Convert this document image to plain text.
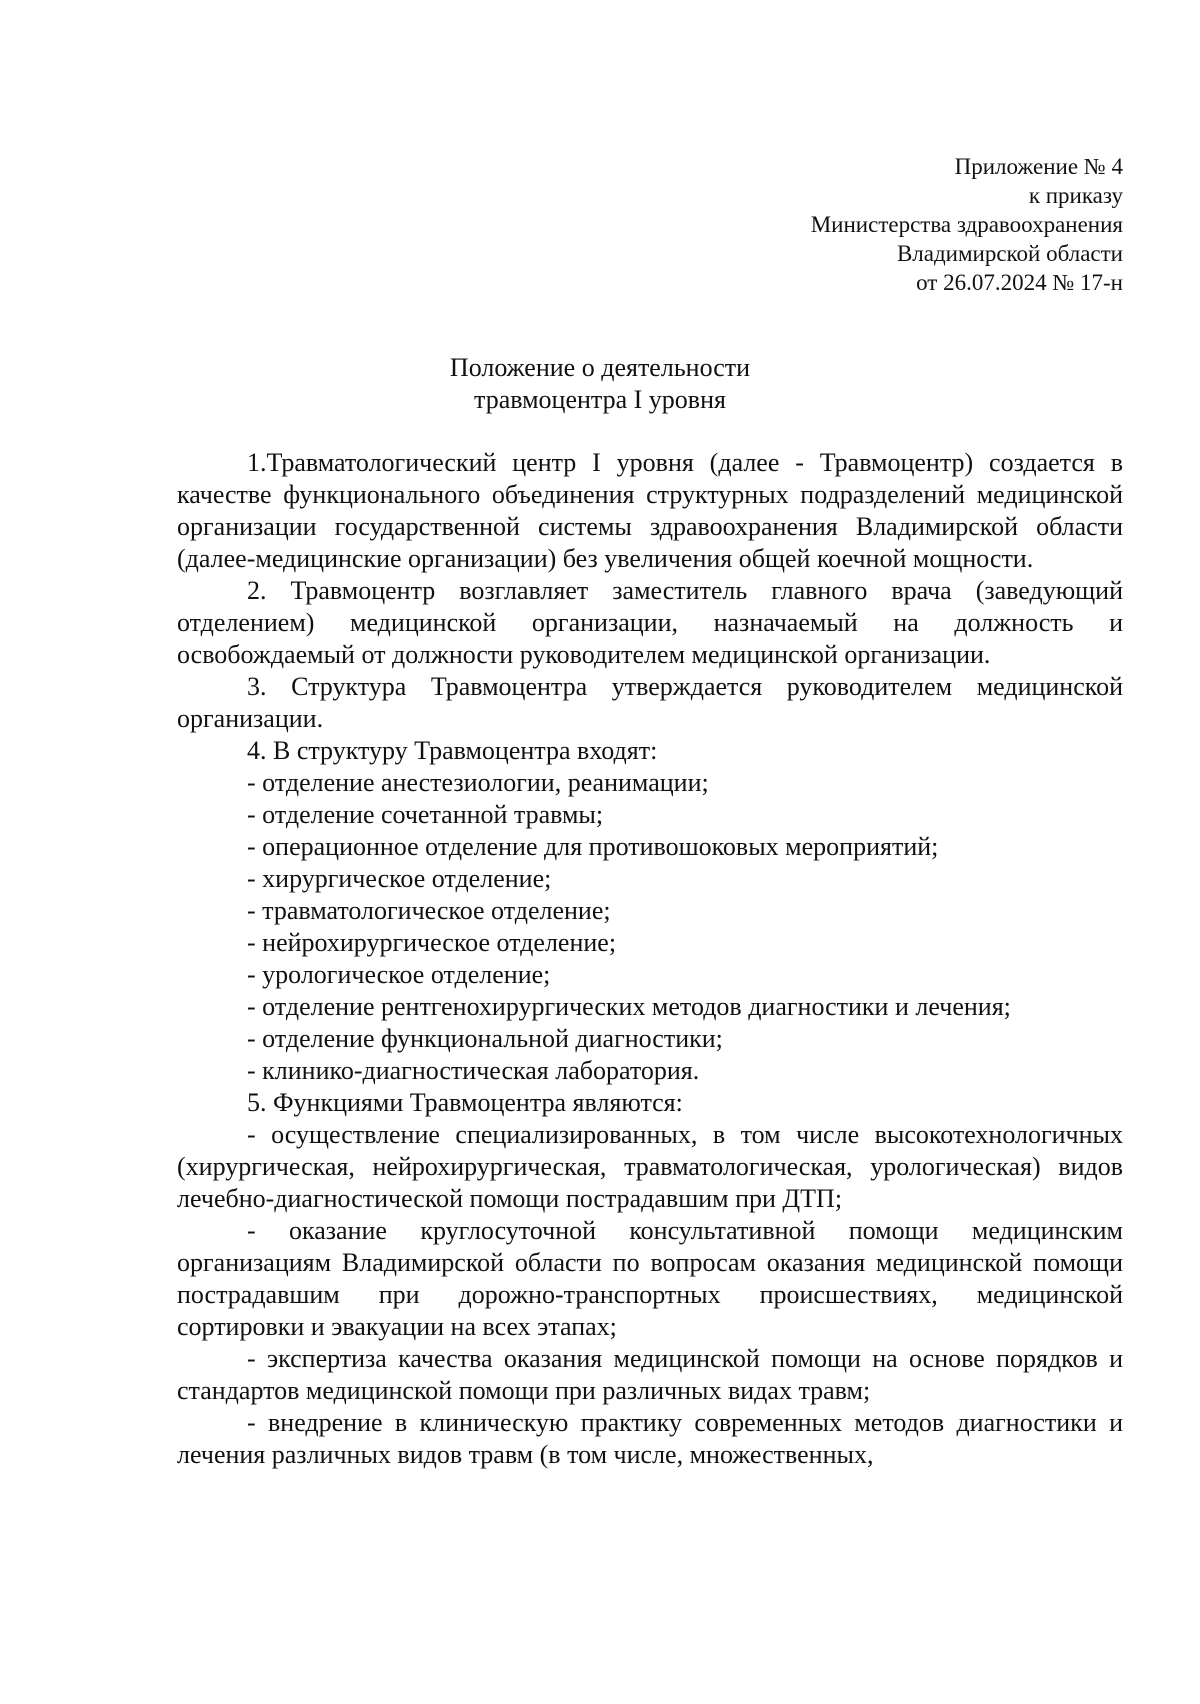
Приложение № 4
к приказу
Министерства здравоохранения
Владимирской области
от 26.07.2024 № 17-н
Положение о деятельности
травмоцентра I уровня

1.Травматологический центр I уровня (далее - Травмоцентр) создается в качестве функционального объединения структурных подразделений медицинской организации государственной системы здравоохранения Владимирской области (далее-медицинские организации) без увеличения общей коечной мощности.

2. Травмоцентр возглавляет заместитель главного врача (заведующий отделением) медицинской организации, назначаемый на должность и освобождаемый от должности руководителем медицинской организации.

3. Структура Травмоцентра утверждается руководителем медицинской организации.

4. В структуру Травмоцентра входят:

- отделение анестезиологии, реанимации;

- отделение сочетанной травмы;

- операционное отделение для противошоковых мероприятий;

- хирургическое отделение;

- травматологическое отделение;

- нейрохирургическое отделение;

- урологическое отделение;

- отделение рентгенохирургических методов диагностики и лечения;

- отделение функциональной диагностики;

- клинико-диагностическая лаборатория.

5. Функциями Травмоцентра являются:

- осуществление специализированных, в том числе высокотехнологичных (хирургическая, нейрохирургическая, травматологическая, урологическая) видов лечебно-диагностической помощи пострадавшим при ДТП;

- оказание круглосуточной консультативной помощи медицинским организациям Владимирской области по вопросам оказания медицинской помощи пострадавшим при дорожно-транспортных происшествиях, медицинской сортировки и эвакуации на всех этапах;

- экспертиза качества оказания медицинской помощи на основе порядков и стандартов медицинской помощи при различных видах травм;

- внедрение в клиническую практику современных методов диагностики и лечения различных видов травм (в том числе, множественных,
